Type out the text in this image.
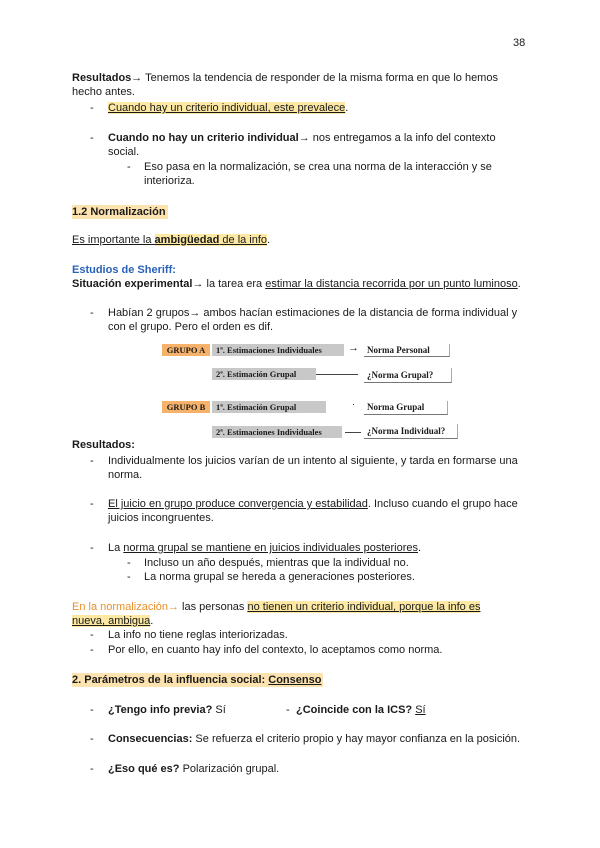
38
Resultados→ Tenemos la tendencia de responder de la misma forma en que lo hemos
hecho antes.
- Cuando hay un criterio individual, este prevalece.
- Cuando no hay un criterio individual→ nos entregamos a la info del contexto
social.
- Eso pasa en la normalización, se crea una norma de la interacción y se
interioriza.
1.2 Normalización
Es importante la ambigüedad de la info.
Estudios de Sheriff:
Situación experimental→ la tarea era estimar la distancia recorrida por un punto luminoso.
- Habían 2 grupos→ ambos hacían estimaciones de la distancia de forma individual y
con el grupo. Pero el orden es dif.
GRUPO A	1ª. Estimaciones Individuales	→ Norma Personal
2ª. Estimación Grupal	¿Norma Grupal?
GRUPO B	1ª. Estimación Grupal	·	Norma Grupal
2ª. Estimaciones Individuales	¿Norma Individual?
Resultados:
- Individualmente los juicios varían de un intento al siguiente, y tarda en formarse una
norma.
- El juicio en grupo produce convergencia y estabilidad. Incluso cuando el grupo hace
juicios incongruentes.
- La norma grupal se mantiene en juicios individuales posteriores.
- Incluso un año después, mientras que la individual no.
- La norma grupal se hereda a generaciones posteriores.
En la normalización→ las personas no tienen un criterio individual, porque la info es
nueva, ambigua.
- La info no tiene reglas interiorizadas.
- Por ello, en cuanto hay info del contexto, lo aceptamos como norma.
2. Parámetros de la influencia social: Consenso
- ¿Tengo info previa? Sí	- ¿Coincide con la ICS? Sí
- Consecuencias: Se refuerza el criterio propio y hay mayor confianza en la posición.
- ¿Eso qué es? Polarización grupal.
